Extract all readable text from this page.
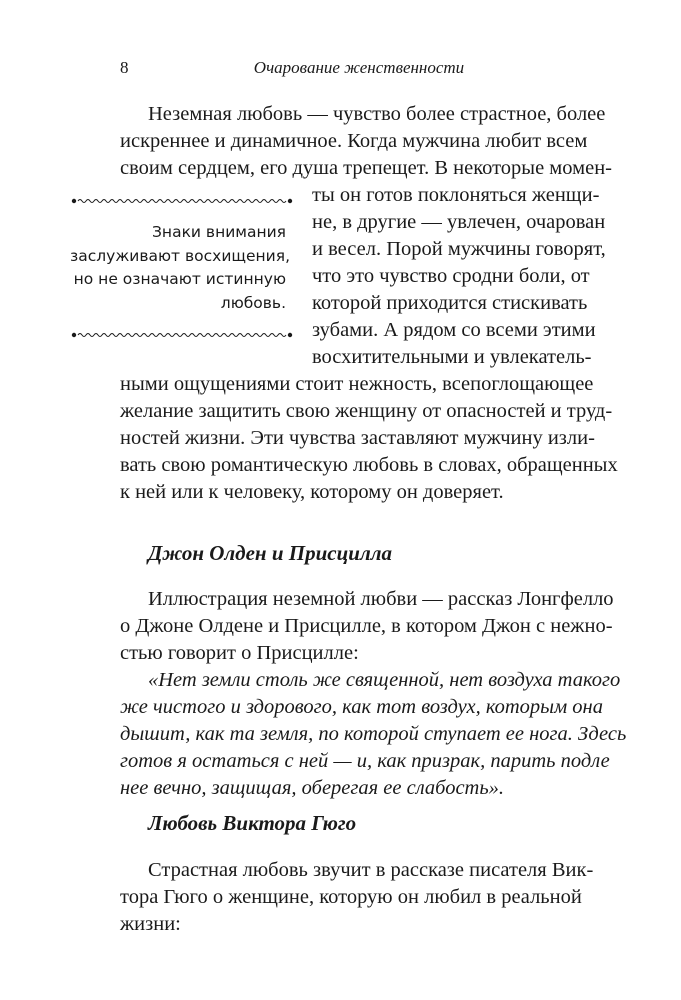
8	Очарование женственности
Знаки внимания
заслуживают восхищения,
но не означают истинную
любовь.
Неземная любовь — чувство более страстное, более
искреннее и динамичное. Когда мужчина любит всем
своим сердцем, его душа трепещет. В некоторые момен-
ты он готов поклоняться женщи-
не, в другие — увлечен, очарован
и весел. Порой мужчины говорят,
что это чувство сродни боли, от
которой приходится стискивать
зубами. А рядом со всеми этими
восхитительными и увлекатель-
ными ощущениями стоит нежность, всепоглощающее
желание защитить свою женщину от опасностей и труд-
ностей жизни. Эти чувства заставляют мужчину изли-
вать свою романтическую любовь в словах, обращенных
к ней или к человеку, которому он доверяет.
Джон Олден и Присцилла
Иллюстрация неземной любви — рассказ Лонгфелло
о Джоне Олдене и Присцилле, в котором Джон с нежно-
стью говорит о Присцилле:
«Нет земли столь же священной, нет воздуха такого
же чистого и здорового, как тот воздух, которым она
дышит, как та земля, по которой ступает ее нога. Здесь
готов я остаться с ней — и, как призрак, парить подле
нее вечно, защищая, оберегая ее слабость».
Любовь Виктора Гюго
Страстная любовь звучит в рассказе писателя Вик-
тора Гюго о женщине, которую он любил в реальной
жизни:
